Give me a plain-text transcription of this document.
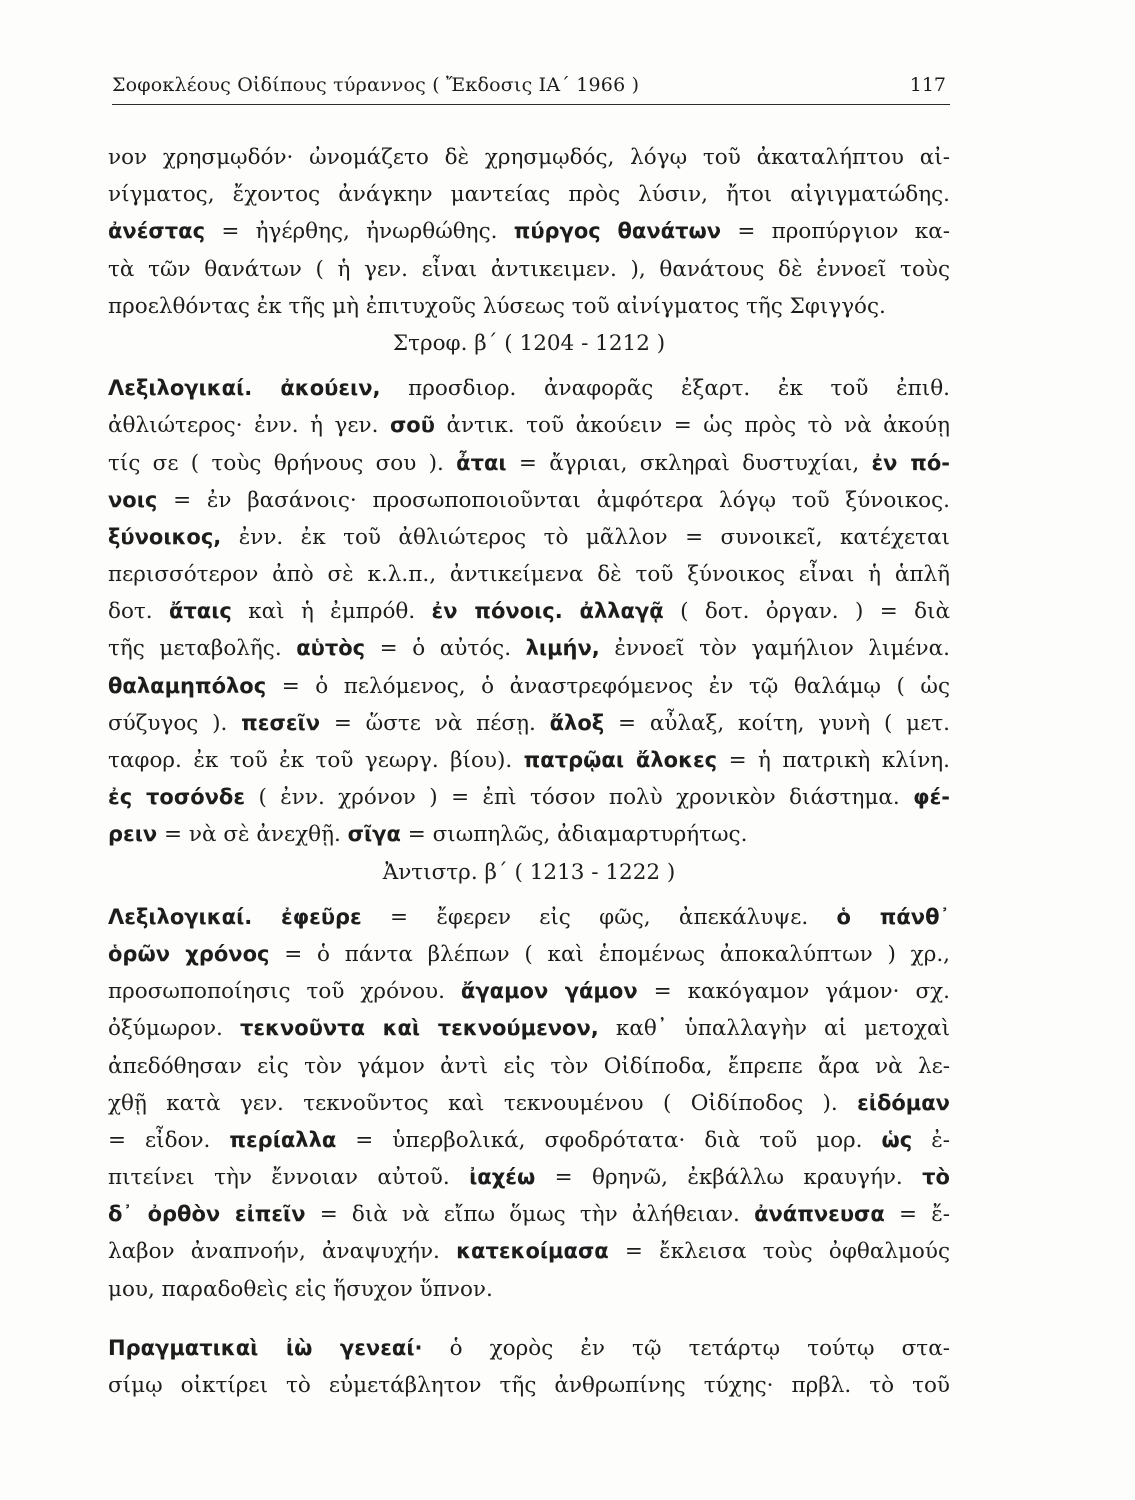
Σοφοκλέους Οἰδίπους τύραννος ( Ἔκδοσις ΙΑ΄ 1966 )	117
νον χρησμῳδόν· ὠνομάζετο δὲ χρησμῳδός, λόγῳ τοῦ ἀκαταλήπτου αἰ-
νίγματος, ἔχοντος ἀνάγκην μαντείας πρὸς λύσιν, ἤτοι αἰγιγματώδης.
ἀνέστας = ἠγέρθης, ἠνωρθώθης. πύργος θανάτων = προπύργιον κα-
τὰ τῶν θανάτων ( ἡ γεν. εἶναι ἀντικειμεν. ), θανάτους δὲ ἐννοεῖ τοὺς
προελθόντας ἐκ τῆς μὴ ἐπιτυχοῦς λύσεως τοῦ αἰνίγματος τῆς Σφιγγός.
Στροφ. β΄ ( 1204 - 1212 )
Λεξιλογικαί. ἀκούειν, προσδιορ. ἀναφορᾶς ἐξαρτ. ἐκ τοῦ ἐπιθ.
ἀθλιώτερος· ἐνν. ἡ γεν. σοῦ ἀντικ. τοῦ ἀκούειν = ὡς πρὸς τὸ νὰ ἀκούῃ
τίς σε ( τοὺς θρήνους σου ). ἆται = ἄγριαι, σκληραὶ δυστυχίαι, ἐν πό-
νοις = ἐν βασάνοις· προσωποποιοῦνται ἀμφότερα λόγῳ τοῦ ξύνοικος.
ξύνοικος, ἐνν. ἐκ τοῦ ἀθλιώτερος τὸ μᾶλλον = συνοικεῖ, κατέχεται
περισσότερον ἀπὸ σὲ κ.λ.π., ἀντικείμενα δὲ τοῦ ξύνοικος εἶναι ἡ ἁπλῆ
δοτ. ἄταις καὶ ἡ ἐμπρόθ. ἐν πόνοις. ἀλλαγᾷ ( δοτ. ὀργαν. ) = διὰ
τῆς μεταβολῆς. αὑτὸς = ὁ αὐτός. λιμήν, ἐννοεῖ τὸν γαμήλιον λιμένα.
θαλαμηπόλος = ὁ πελόμενος, ὁ ἀναστρεφόμενος ἐν τῷ θαλάμῳ ( ὡς
σύζυγος ). πεσεῖν = ὥστε νὰ πέσῃ. ἄλοξ = αὖλαξ, κοίτη, γυνὴ ( μετ.
ταφορ. ἐκ τοῦ ἐκ τοῦ γεωργ. βίου). πατρῷαι ἄλοκες = ἡ πατρικὴ κλίνη.
ἐς τοσόνδε ( ἐνν. χρόνον ) = ἐπὶ τόσον πολὺ χρονικὸν διάστημα. φέ-
ρειν = νὰ σὲ ἀνεχθῇ. σῖγα = σιωπηλῶς, ἀδιαμαρτυρήτως.
Ἀντιστρ. β΄ ( 1213 - 1222 )
Λεξιλογικαί. ἐφεῦρε = ἔφερεν εἰς φῶς, ἀπεκάλυψε. ὁ πάνθ᾽
ὁρῶν χρόνος = ὁ πάντα βλέπων ( καὶ ἑπομένως ἀποκαλύπτων ) χρ.,
προσωποποίησις τοῦ χρόνου. ἄγαμον γάμον = κακόγαμον γάμον· σχ.
ὀξύμωρον. τεκνοῦντα καὶ τεκνούμενον, καθ᾽ ὑπαλλαγὴν αἱ μετοχαὶ
ἀπεδόθησαν εἰς τὸν γάμον ἀντὶ εἰς τὸν Οἰδίποδα, ἔπρεπε ἄρα νὰ λε-
χθῇ κατὰ γεν. τεκνοῦντος καὶ τεκνουμένου ( Οἰδίποδος ). εἰδόμαν
= εἶδον. περίαλλα = ὑπερβολικά, σφοδρότατα· διὰ τοῦ μορ. ὡς ἐ-
πιτείνει τὴν ἔννοιαν αὐτοῦ. ἰαχέω = θρηνῶ, ἐκβάλλω κραυγήν. τὸ
δ᾽ ὀρθὸν εἰπεῖν = διὰ νὰ εἴπω ὅμως τὴν ἀλήθειαν. ἀνάπνευσα = ἔ-
λαβον ἀναπνοήν, ἀναψυχήν. κατεκοίμασα = ἔκλεισα τοὺς ὀφθαλμούς
μου, παραδοθεὶς εἰς ἥσυχον ὕπνον.
Πραγματικαὶ ἰὼ γενεαί· ὁ χορὸς ἐν τῷ τετάρτῳ τούτῳ στα-
σίμῳ οἰκτίρει τὸ εὐμετάβλητον τῆς ἀνθρωπίνης τύχης· πρβλ. τὸ τοῦ
